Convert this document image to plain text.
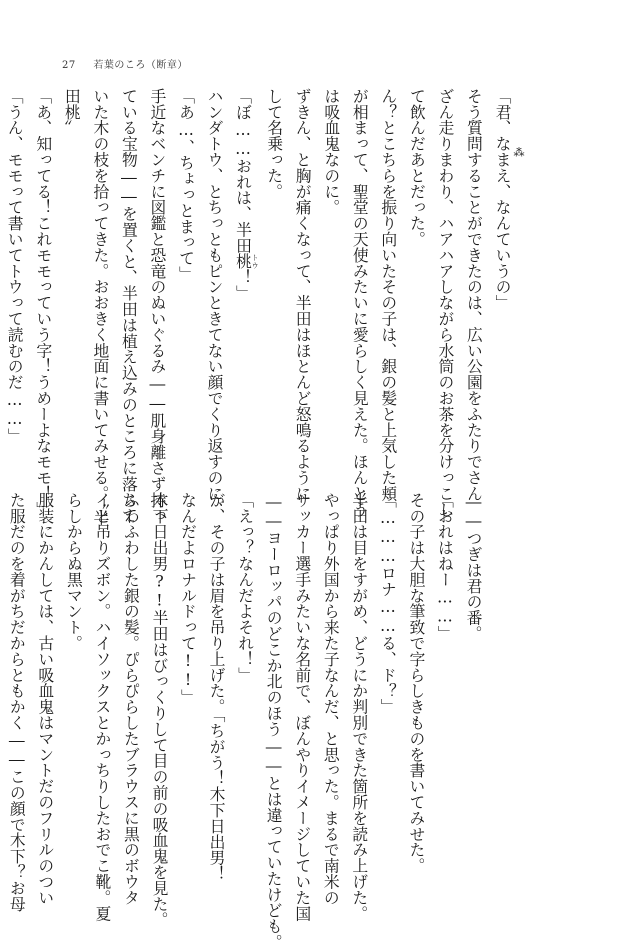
27 若葉のころ（断章）
⁂
「君、なまえ、なんていうの」
そう質問することができたのは、広い公園をふたりでさん
ざん走りまわり、ハアハアしながら水筒のお茶を分けっこし
て飲んだあとだった。
ん？とこちらを振り向いたその子は、銀の髪と上気した頬
が相まって、聖堂の天使みたいに愛らしく見えた。ほんとう
は吸血鬼なのに。
ずきん、と胸が痛くなって、半田はほとんど怒鳴るように
して名乗った。
「ぼ……おれは、半田桃トウ！」
ハンダトウ、とちっともピンときてない顔でくり返すのに、
「あ…、ちょっとまって」
手近なベンチに図鑑と恐竜のぬいぐるみ――肌身離さず持っ
ている宝物――を置くと、半田は植え込みのところに落ちて
いた木の枝を拾ってきた。おおきく地面に書いてみせる。〝半
田桃〟
「あ、知ってる！これモモっていう字！うめーよなモモ！」
「うん、モモって書いてトウって読むのだ……」
――つぎは君の番。
「おれはねー……」
その子は大胆な筆致で字らしきものを書いてみせた。
「………ロナ……る、ド？」
半田は目をすがめ、どうにか判別できた箇所を読み上げた。
やっぱり外国から来た子なんだ、と思った。まるで南米の
サッカー選手みたいな名前で、ぼんやりイメージしていた国
――ヨーロッパのどこか北のほう――とは違っていたけども。
「えっ？なんだよそれ！」
が、その子は眉を吊り上げた。「ちがう！木下日出男！
なんだよロナルドって!!」
木下日出男?!半田はびっくりして目の前の吸血鬼を見た。
ふわふわした銀の髪。ぴらぴらしたブラウスに黒のボウタ
イと吊りズボン。ハイソックスとかっちりしたおでこ靴。夏
らしからぬ黒マント。
服装にかんしては、古い吸血鬼はマントだのフリルのつい
た服だのを着がちだからともかく――この顔で木下？お母
